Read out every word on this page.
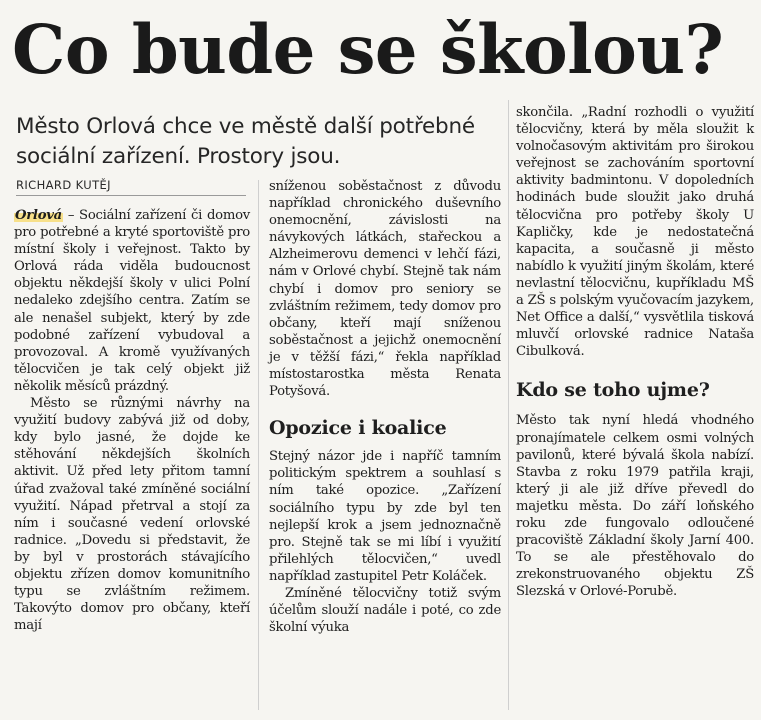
Co bude se školou?

Město Orlová chce ve městě další potřebné sociální zařízení. Prostory jsou.

RICHARD KUTĚJ

Orlová – Sociální zařízení či domov pro potřebné a kryté sportoviště pro místní školy i veřejnost. Takto by Orlová ráda viděla budoucnost objektu někdejší školy v ulici Polní nedaleko zdejšího centra. Zatím se ale nenašel subjekt, který by zde podobné zařízení vybudoval a provozoval. A kromě využívaných tělocvičen je tak celý objekt již několik měsíců prázdný.

Město se různými návrhy na využití budovy zabývá již od doby, kdy bylo jasné, že dojde ke stěhování někdejších školních aktivit. Už před lety přitom tamní úřad zvažoval také zmíněné sociální využití. Nápad přetrval a stojí za ním i současné vedení orlovské radnice. „Dovedu si představit, že by byl v prostorách stávajícího objektu zřízen domov komunitního typu se zvláštním režimem. Takovýto domov pro občany, kteří mají

sníženou soběstačnost z důvodu například chronického duševního onemocnění, závislosti na návykových látkách, stařeckou a Alzheimerovu demenci v lehčí fázi, nám v Orlové chybí. Stejně tak nám chybí i domov pro seniory se zvláštním režimem, tedy domov pro občany, kteří mají sníženou soběstačnost a jejichž onemocnění je v těžší fázi,“ řekla například místostarostka města Renata Potyšová.

Opozice i koalice

Stejný názor jde i napříč tamním politickým spektrem a souhlasí s ním také opozice. „Zařízení sociálního typu by zde byl ten nejlepší krok a jsem jednoznačně pro. Stejně tak se mi líbí i využití přilehlých tělocvičen,“ uvedl například zastupitel Petr Koláček.

Zmíněné tělocvičny totiž svým účelům slouží nadále i poté, co zde školní výuka

skončila. „Radní rozhodli o využití tělocvičny, která by měla sloužit k volnočasovým aktivitám pro širokou veřejnost se zachováním sportovní aktivity badmintonu. V dopoledních hodinách bude sloužit jako druhá tělocvična pro potřeby školy U Kapličky, kde je nedostatečná kapacita, a současně ji město nabídlo k využití jiným školám, které nevlastní tělocvičnu, kupříkladu MŠ a ZŠ s polským vyučovacím jazykem, Net Office a další,“ vysvětlila tisková mluvčí orlovské radnice Nataša Cibulková.

Kdo se toho ujme?

Město tak nyní hledá vhodného pronajímatele celkem osmi volných pavilonů, které bývalá škola nabízí. Stavba z roku 1979 patřila kraji, který ji ale již dříve převedl do majetku města. Do září loňského roku zde fungovalo odloučené pracoviště Základní školy Jarní 400. To se ale přestěhovalo do zrekonstruovaného objektu ZŠ Slezská v Orlové-Porubě.
